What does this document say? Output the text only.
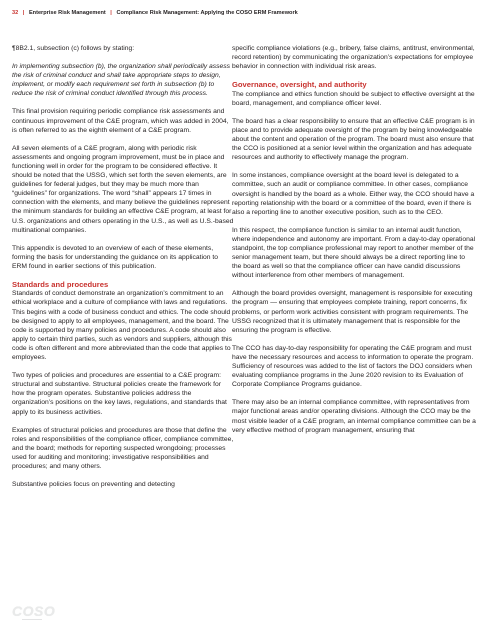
32 | Enterprise Risk Management | Compliance Risk Management: Applying the COSO ERM Framework

¶8B2.1, subsection (c) follows by stating:

In implementing subsection (b), the organization shall periodically assess the risk of criminal conduct and shall take appropriate steps to design, implement, or modify each requirement set forth in subsection (b) to reduce the risk of criminal conduct identified through this process.

This final provision requiring periodic compliance risk assessments and continuous improvement of the C&E program, which was added in 2004, is often referred to as the eighth element of a C&E program.

All seven elements of a C&E program, along with periodic risk assessments and ongoing program improvement, must be in place and functioning well in order for the program to be considered effective. It should be noted that the USSG, which set forth the seven elements, are guidelines for federal judges, but they may be much more than “guidelines” for organizations. The word “shall” appears 17 times in connection with the elements, and many believe the guidelines represent the minimum standards for building an effective C&E program, at least for U.S. organizations and others operating in the U.S., as well as U.S.-based multinational companies.

This appendix is devoted to an overview of each of these elements, forming the basis for understanding the guidance on its application to ERM found in earlier sections of this publication.

Standards and procedures

Standards of conduct demonstrate an organization’s commitment to an ethical workplace and a culture of compliance with laws and regulations. This begins with a code of business conduct and ethics. The code should be designed to apply to all employees, management, and the board. The code is supported by many policies and procedures. A code should also apply to certain third parties, such as vendors and suppliers, although this code is often different and more abbreviated than the code that applies to employees.

Two types of policies and procedures are essential to a C&E program: structural and substantive. Structural policies create the framework for how the program operates. Substantive policies address the organization’s positions on the key laws, regulations, and standards that apply to its business activities.

Examples of structural policies and procedures are those that define the roles and responsibilities of the compliance officer, compliance committee, and the board; methods for reporting suspected wrongdoing; processes used for auditing and monitoring; investigative responsibilities and procedures; and many others.

Substantive policies focus on preventing and detecting

specific compliance violations (e.g., bribery, false claims, antitrust, environmental, record retention) by communicating the organization’s expectations for employee behavior in connection with individual risk areas.

Governance, oversight, and authority

The compliance and ethics function should be subject to effective oversight at the board, management, and compliance officer level.

The board has a clear responsibility to ensure that an effective C&E program is in place and to provide adequate oversight of the program by being knowledgeable about the content and operation of the program. The board must also ensure that the CCO is positioned at a senior level within the organization and has adequate resources and authority to effectively manage the program.

In some instances, compliance oversight at the board level is delegated to a committee, such an audit or compliance committee. In other cases, compliance oversight is handled by the board as a whole. Either way, the CCO should have a reporting relationship with the board or a committee of the board, even if there is also a reporting line to another executive position, such as to the CEO.

In this respect, the compliance function is similar to an internal audit function, where independence and autonomy are important. From a day-to-day operational standpoint, the top compliance professional may report to another member of the senior management team, but there should always be a direct reporting line to the board as well so that the compliance officer can have candid discussions without interference from other members of management.

Although the board provides oversight, management is responsible for executing the program — ensuring that employees complete training, report concerns, fix problems, or perform work activities consistent with program requirements. The USSG recognized that it is ultimately management that is responsible for the ensuring the program is effective.

The CCO has day-to-day responsibility for operating the C&E program and must have the necessary resources and access to information to operate the program. Sufficiency of resources was added to the list of factors the DOJ considers when evaluating compliance programs in the June 2020 revision to its Evaluation of Corporate Compliance Programs guidance.

There may also be an internal compliance committee, with representatives from major functional areas and/or operating divisions. Although the CCO may be the most visible leader of a C&E program, an internal compliance committee can be a very effective method of program management, ensuring that

COSO
